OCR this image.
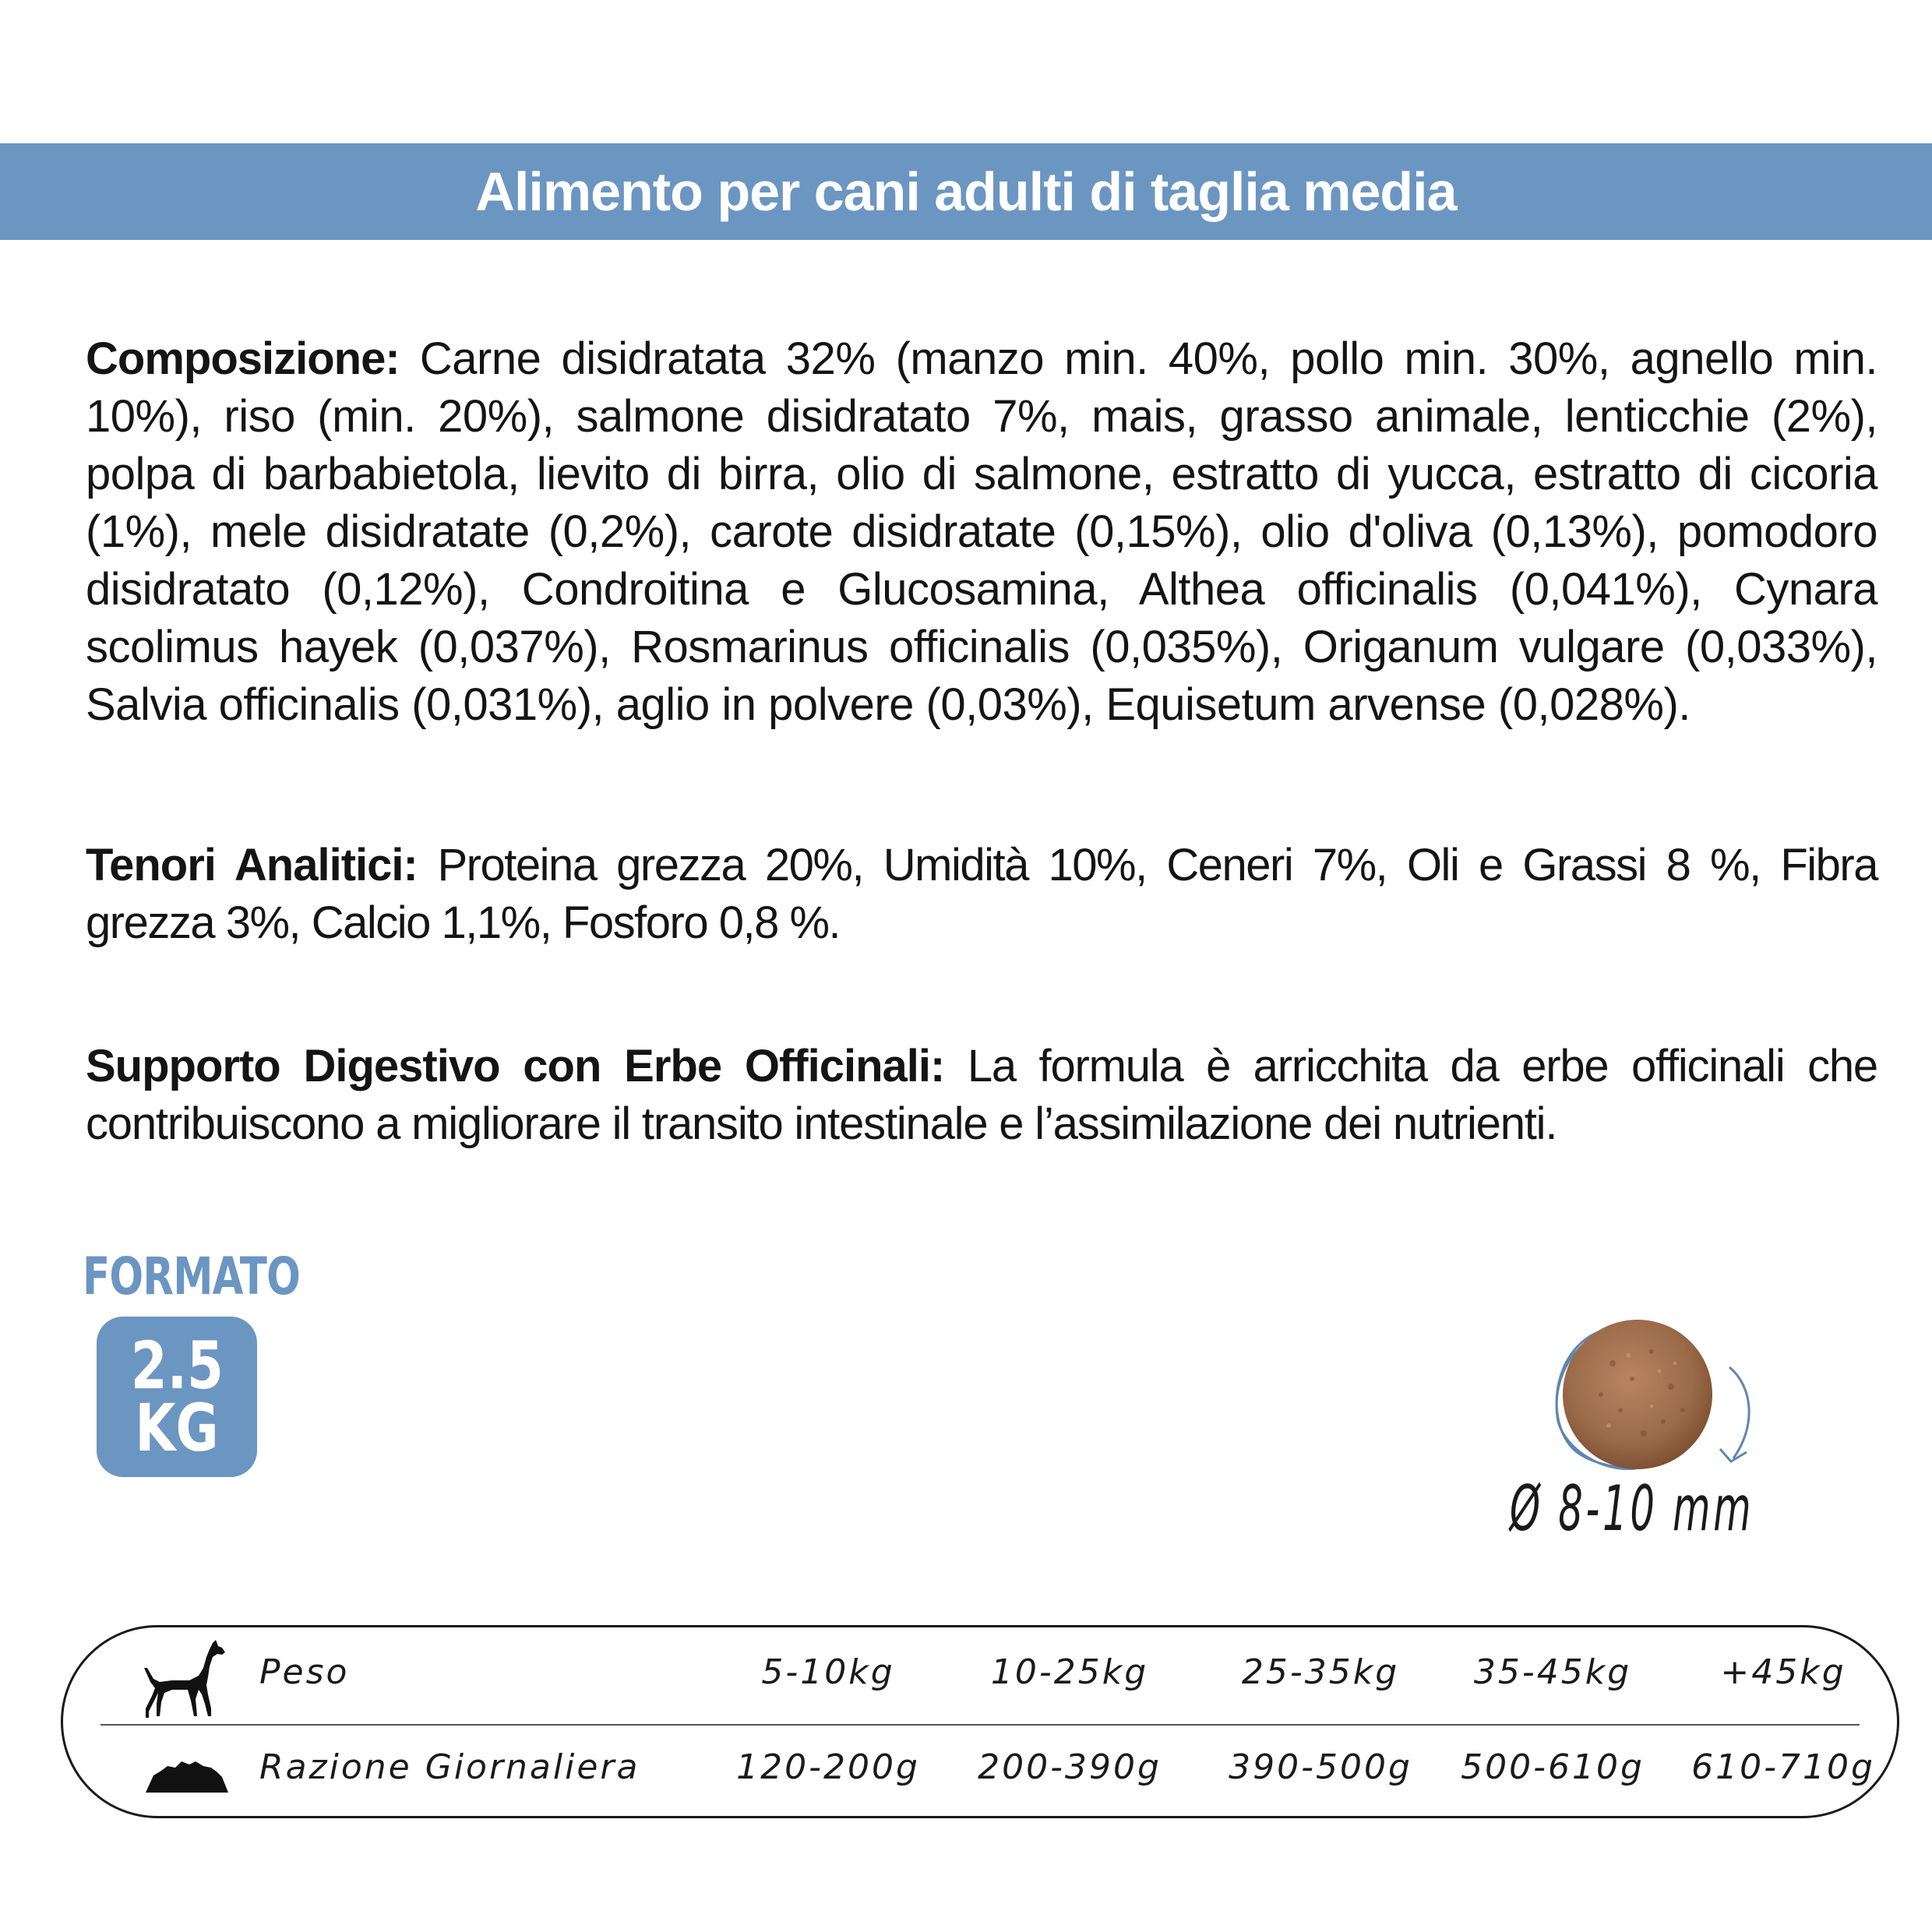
Alimento per cani adulti di taglia media
Composizione: Carne disidratata 32% (manzo min. 40%, pollo min. 30%, agnello min. 10%), riso (min. 20%), salmone disidratato 7%, mais, grasso animale, lenticchie (2%), polpa di barbabietola, lievito di birra, olio di salmone, estratto di yucca, estratto di cicoria (1%), mele disidratate (0,2%), carote disidratate (0,15%), olio d'oliva (0,13%), pomodoro disidratato (0,12%), Condroitina e Glucosamina, Althea officinalis (0,041%), Cynara scolimus hayek (0,037%), Rosmarinus officinalis (0,035%), Origanum vulgare (0,033%), Salvia officinalis (0,031%), aglio in polvere (0,03%), Equisetum arvense (0,028%).
Tenori Analitici: Proteina grezza 20%, Umidità 10%, Ceneri 7%, Oli e Grassi 8 %, Fibra grezza 3%, Calcio 1,1%, Fosforo 0,8 %.
Supporto Digestivo con Erbe Officinali: La formula è arricchita da erbe officinali che contribuiscono a migliorare il transito intestinale e l’assimilazione dei nutrienti.
FORMATO
2.5
KG
Ø 8-10 mm
Peso	5-10kg	10-25kg	25-35kg	35-45kg	+45kg
Razione Giornaliera	120-200g	200-390g	390-500g	500-610g	610-710g
